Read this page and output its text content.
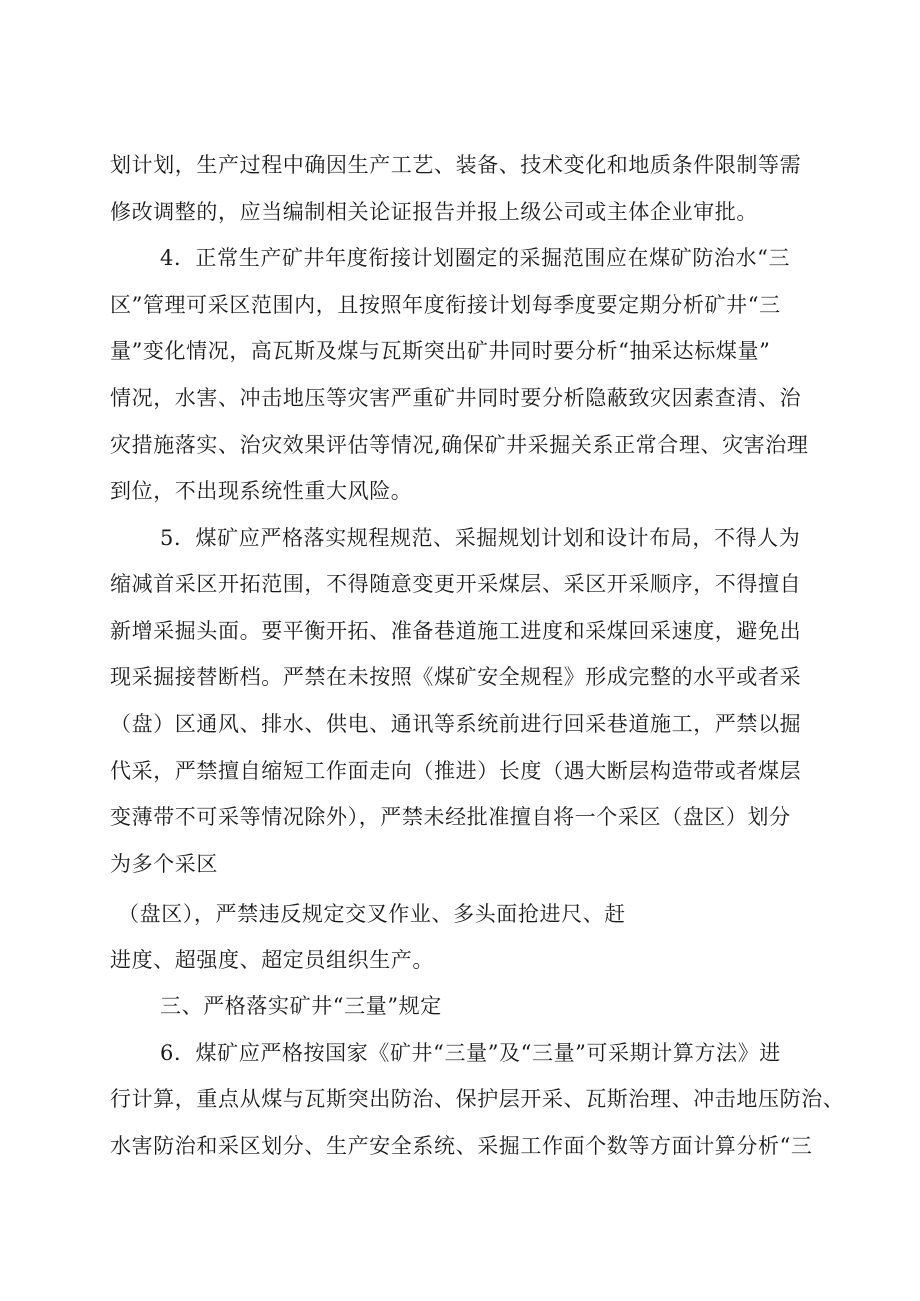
划计划，生产过程中确因生产工艺、装备、技术变化和地质条件限制等需
修改调整的，应当编制相关论证报告并报上级公司或主体企业审批。
4．正常生产矿井年度衔接计划圈定的采掘范围应在煤矿防治水“三
区”管理可采区范围内，且按照年度衔接计划每季度要定期分析矿井“三
量”变化情况，高瓦斯及煤与瓦斯突出矿井同时要分析“抽采达标煤量”
情况，水害、冲击地压等灾害严重矿井同时要分析隐蔽致灾因素查清、治
灾措施落实、治灾效果评估等情况,确保矿井采掘关系正常合理、灾害治理
到位，不出现系统性重大风险。
5．煤矿应严格落实规程规范、采掘规划计划和设计布局，不得人为
缩减首采区开拓范围，不得随意变更开采煤层、采区开采顺序，不得擅自
新增采掘头面。要平衡开拓、准备巷道施工进度和采煤回采速度，避免出
现采掘接替断档。严禁在未按照《煤矿安全规程》形成完整的水平或者采
（盘）区通风、排水、供电、通讯等系统前进行回采巷道施工，严禁以掘
代采，严禁擅自缩短工作面走向（推进）长度（遇大断层构造带或者煤层
变薄带不可采等情况除外），严禁未经批准擅自将一个采区（盘区）划分
为多个采区
（盘区），严禁违反规定交叉作业、多头面抢进尺、赶
进度、超强度、超定员组织生产。
三、严格落实矿井“三量”规定
6．煤矿应严格按国家《矿井“三量”及“三量”可采期计算方法》进
行计算，重点从煤与瓦斯突出防治、保护层开采、瓦斯治理、冲击地压防治、
水害防治和采区划分、生产安全系统、采掘工作面个数等方面计算分析“三
